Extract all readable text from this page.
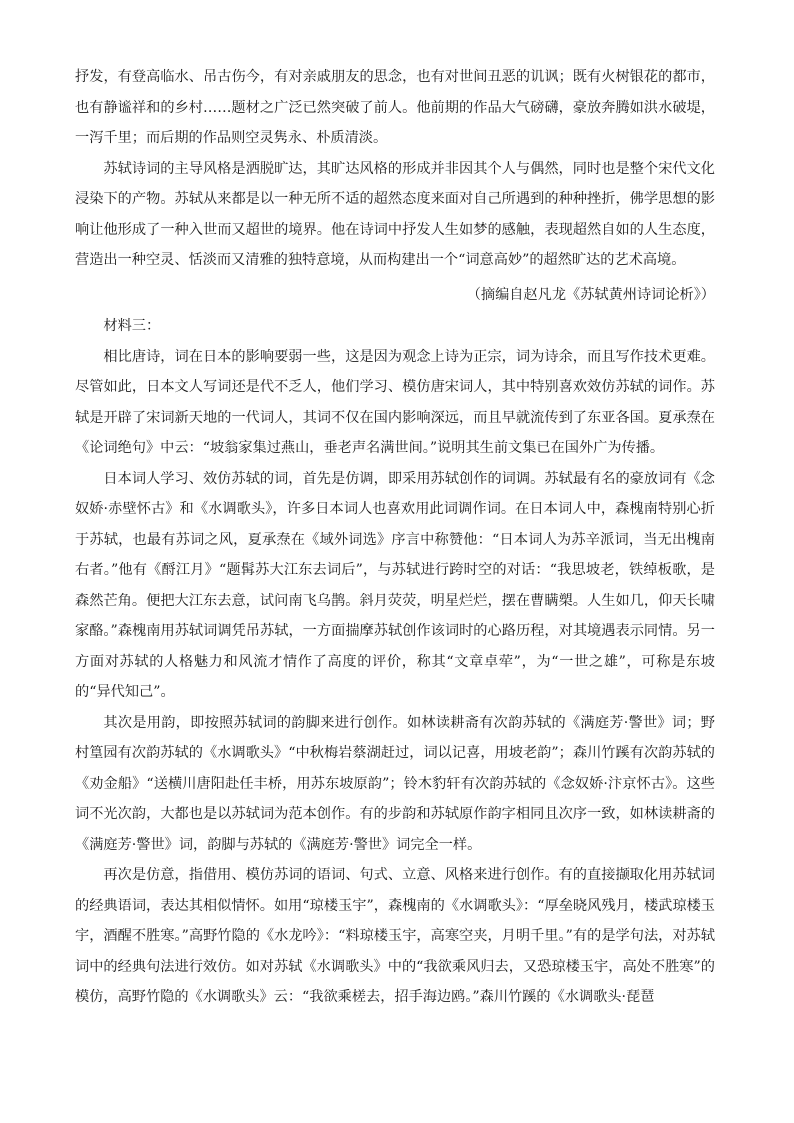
抒发，有登高临水、吊古伤今，有对亲戚朋友的思念，也有对世间丑恶的讥讽；既有火树银花的都市，也有静谧祥和的乡村……题材之广泛已然突破了前人。他前期的作品大气磅礴，豪放奔腾如洪水破堤，一泻千里；而后期的作品则空灵隽永、朴质清淡。

苏轼诗词的主导风格是洒脱旷达，其旷达风格的形成并非因其个人与偶然，同时也是整个宋代文化浸染下的产物。苏轼从来都是以一种无所不适的超然态度来面对自己所遇到的种种挫折，佛学思想的影响让他形成了一种入世而又超世的境界。他在诗词中抒发人生如梦的感触，表现超然自如的人生态度，营造出一种空灵、恬淡而又清雅的独特意境，从而构建出一个“词意高妙”的超然旷达的艺术高境。

（摘编自赵凡龙《苏轼黄州诗词论析》）

材料三：

相比唐诗，词在日本的影响要弱一些，这是因为观念上诗为正宗，词为诗余，而且写作技术更难。尽管如此，日本文人写词还是代不乏人，他们学习、模仿唐宋词人，其中特别喜欢效仿苏轼的词作。苏轼是开辟了宋词新天地的一代词人，其词不仅在国内影响深远，而且早就流传到了东亚各国。夏承焘在《论词绝句》中云：“坡翁家集过燕山，垂老声名满世间。”说明其生前文集已在国外广为传播。

日本词人学习、效仿苏轼的词，首先是仿调，即采用苏轼创作的词调。苏轼最有名的豪放词有《念奴娇·赤壁怀古》和《水调歌头》，许多日本词人也喜欢用此词调作词。在日本词人中，森槐南特别心折于苏轼，也最有苏词之风，夏承焘在《域外词选》序言中称赞他：“日本词人为苏辛派词，当无出槐南右者。”他有《酹江月》“题髯苏大江东去词后”，与苏轼进行跨时空的对话：“我思坡老，铁绰板歌，是森然芒角。便把大江东去意，试问南飞乌鹊。斜月荧荧，明星烂烂，摆在曹瞒槊。人生如几，仰天长啸家酪。”森槐南用苏轼词调凭吊苏轼，一方面揣摩苏轼创作该词时的心路历程，对其境遇表示同情。另一方面对苏轼的人格魅力和风流才情作了高度的评价，称其“文章卓荦”，为“一世之雄”，可称是东坡的“异代知己”。

其次是用韵，即按照苏轼词的韵脚来进行创作。如林读耕斋有次韵苏轼的《满庭芳·警世》词；野村篁园有次韵苏轼的《水调歌头》“中秋梅岩蔡湖赶过，词以记喜，用坡老韵”；森川竹蹊有次韵苏轼的《劝金船》“送横川唐阳赴任丰桥，用苏东坡原韵”；铃木豹轩有次韵苏轼的《念奴娇·汴京怀古》。这些词不光次韵，大都也是以苏轼词为范本创作。有的步韵和苏轼原作韵字相同且次序一致，如林读耕斋的《满庭芳·警世》词，韵脚与苏轼的《满庭芳·警世》词完全一样。

再次是仿意，指借用、模仿苏词的语词、句式、立意、风格来进行创作。有的直接撷取化用苏轼词的经典语词，表达其相似情怀。如用“琼楼玉宇”，森槐南的《水调歌头》：“厚垒晓风残月，楼武琼楼玉宇，酒醒不胜寒。”高野竹隐的《水龙吟》：“料琼楼玉宇，高寒空夹，月明千里。”有的是学句法，对苏轼词中的经典句法进行效仿。如对苏轼《水调歌头》中的“我欲乘风归去，又恐琼楼玉宇，高处不胜寒”的模仿，高野竹隐的《水调歌头》云：“我欲乘槎去，招手海边鸥。”森川竹蹊的《水调歌头·琵琶
